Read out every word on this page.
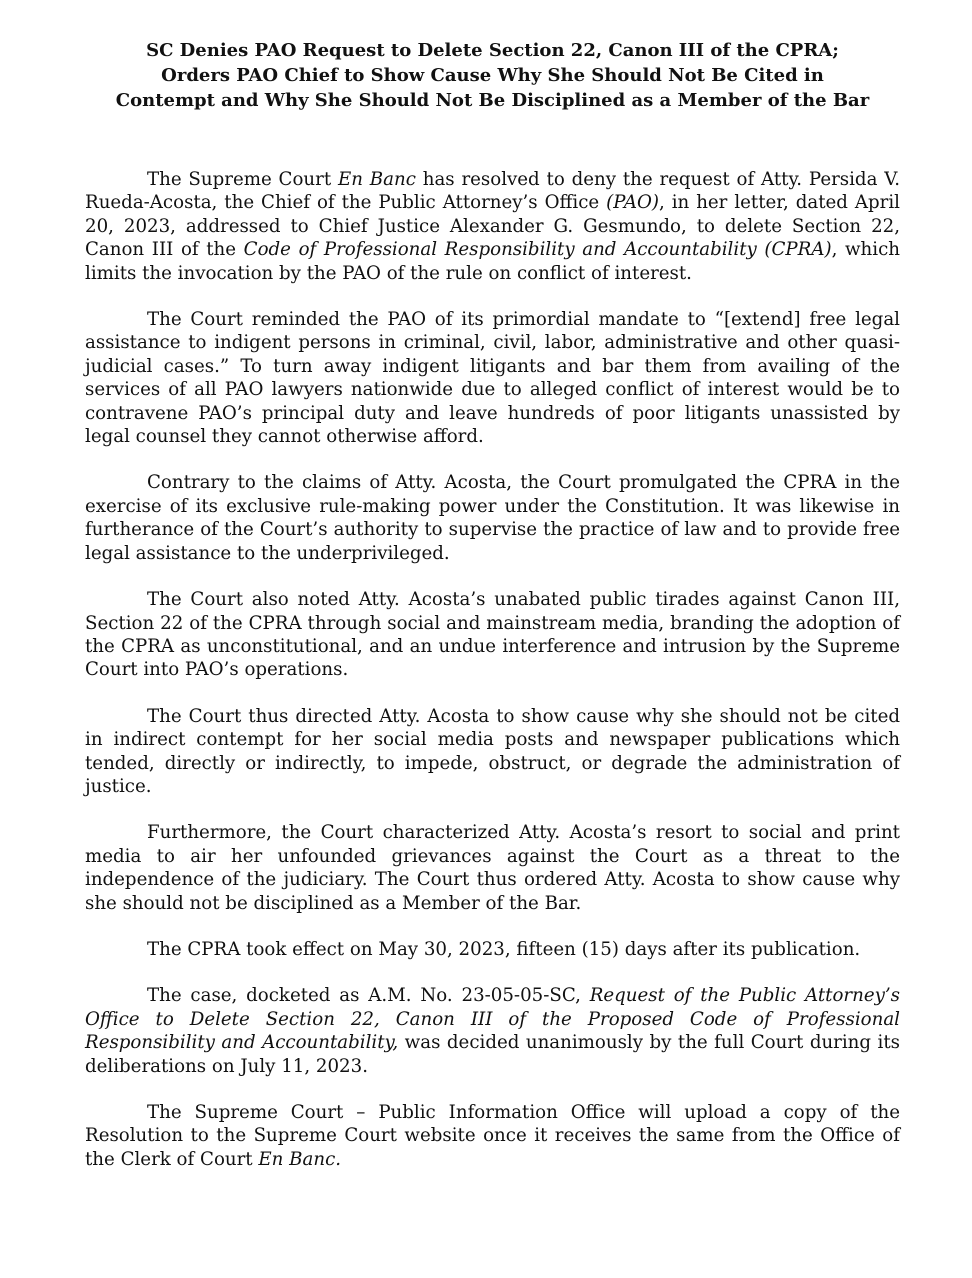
SC Denies PAO Request to Delete Section 22, Canon III of the CPRA;
Orders PAO Chief to Show Cause Why She Should Not Be Cited in
Contempt and Why She Should Not Be Disciplined as a Member of the Bar

The Supreme Court En Banc has resolved to deny the request of Atty. Persida V. Rueda-Acosta, the Chief of the Public Attorney’s Office (PAO), in her letter, dated April 20, 2023, addressed to Chief Justice Alexander G. Gesmundo, to delete Section 22, Canon III of the Code of Professional Responsibility and Accountability (CPRA), which limits the invocation by the PAO of the rule on conflict of interest.

The Court reminded the PAO of its primordial mandate to “[extend] free legal assistance to indigent persons in criminal, civil, labor, administrative and other quasi-judicial cases.” To turn away indigent litigants and bar them from availing of the services of all PAO lawyers nationwide due to alleged conflict of interest would be to contravene PAO’s principal duty and leave hundreds of poor litigants unassisted by legal counsel they cannot otherwise afford.

Contrary to the claims of Atty. Acosta, the Court promulgated the CPRA in the exercise of its exclusive rule-making power under the Constitution. It was likewise in furtherance of the Court’s authority to supervise the practice of law and to provide free legal assistance to the underprivileged.

The Court also noted Atty. Acosta’s unabated public tirades against Canon III, Section 22 of the CPRA through social and mainstream media, branding the adoption of the CPRA as unconstitutional, and an undue interference and intrusion by the Supreme Court into PAO’s operations.

The Court thus directed Atty. Acosta to show cause why she should not be cited in indirect contempt for her social media posts and newspaper publications which tended, directly or indirectly, to impede, obstruct, or degrade the administration of justice.

Furthermore, the Court characterized Atty. Acosta’s resort to social and print media to air her unfounded grievances against the Court as a threat to the independence of the judiciary. The Court thus ordered Atty. Acosta to show cause why she should not be disciplined as a Member of the Bar.

The CPRA took effect on May 30, 2023, fifteen (15) days after its publication.

The case, docketed as A.M. No. 23-05-05-SC, Request of the Public Attorney’s Office to Delete Section 22, Canon III of the Proposed Code of Professional Responsibility and Accountability, was decided unanimously by the full Court during its deliberations on July 11, 2023.

The Supreme Court – Public Information Office will upload a copy of the Resolution to the Supreme Court website once it receives the same from the Office of the Clerk of Court En Banc.
